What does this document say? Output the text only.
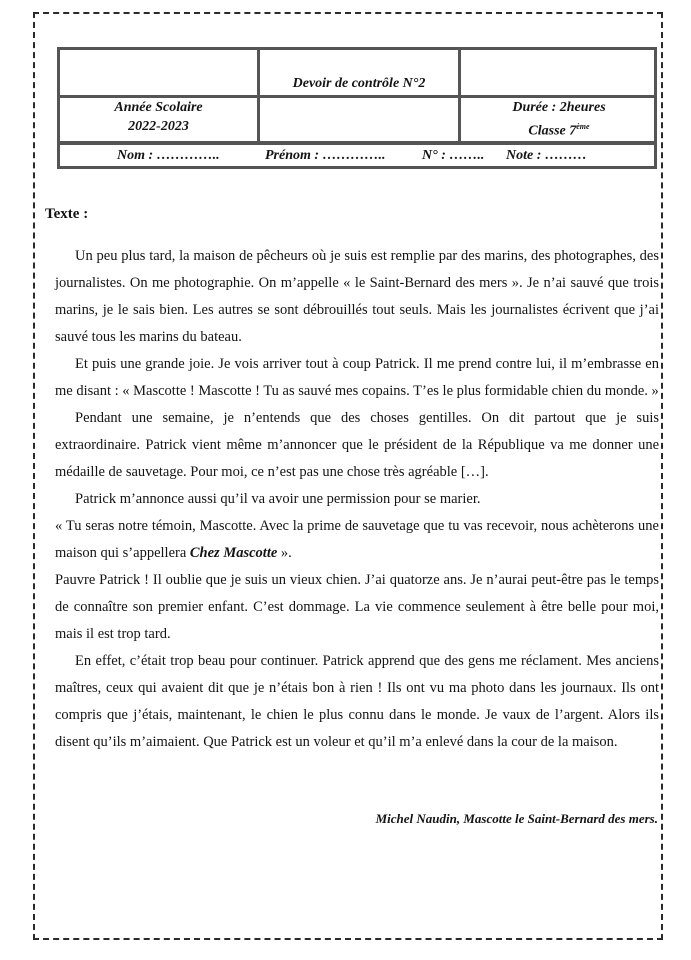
Devoir de contrôle N°2
Année Scolaire
2022-2023
Durée : 2heures
Classe 7ème
Nom : …………..	Prénom : …………..	N° : …….. Note : ………
Texte :

Un peu plus tard, la maison de pêcheurs où je suis est remplie par des marins, des photographes, des journalistes. On me photographie. On m’appelle « le Saint-Bernard des mers ». Je n’ai sauvé que trois marins, je le sais bien. Les autres se sont débrouillés tout seuls. Mais les journalistes écrivent que j’ai sauvé tous les marins du bateau.

Et puis une grande joie. Je vois arriver tout à coup Patrick. Il me prend contre lui, il m’embrasse en me disant : « Mascotte ! Mascotte ! Tu as sauvé mes copains. T’es le plus formidable chien du monde. »

Pendant une semaine, je n’entends que des choses gentilles. On dit partout que je suis extraordinaire. Patrick vient même m’annoncer que le président de la République va me donner une médaille de sauvetage. Pour moi, ce n’est pas une chose très agréable […].

Patrick m’annonce aussi qu’il va avoir une permission pour se marier.

« Tu seras notre témoin, Mascotte. Avec la prime de sauvetage que tu vas recevoir, nous achèterons une maison qui s’appellera Chez Mascotte ».

Pauvre Patrick ! Il oublie que je suis un vieux chien. J’ai quatorze ans. Je n’aurai peut-être pas le temps de connaître son premier enfant. C’est dommage. La vie commence seulement à être belle pour moi, mais il est trop tard.

En effet, c’était trop beau pour continuer. Patrick apprend que des gens me réclament. Mes anciens maîtres, ceux qui avaient dit que je n’étais bon à rien ! Ils ont vu ma photo dans les journaux. Ils ont compris que j’étais, maintenant, le chien le plus connu dans le monde. Je vaux de l’argent. Alors ils disent qu’ils m’aimaient. Que Patrick est un voleur et qu’il m’a enlevé dans la cour de la maison.

Michel Naudin, Mascotte le Saint-Bernard des mers.
